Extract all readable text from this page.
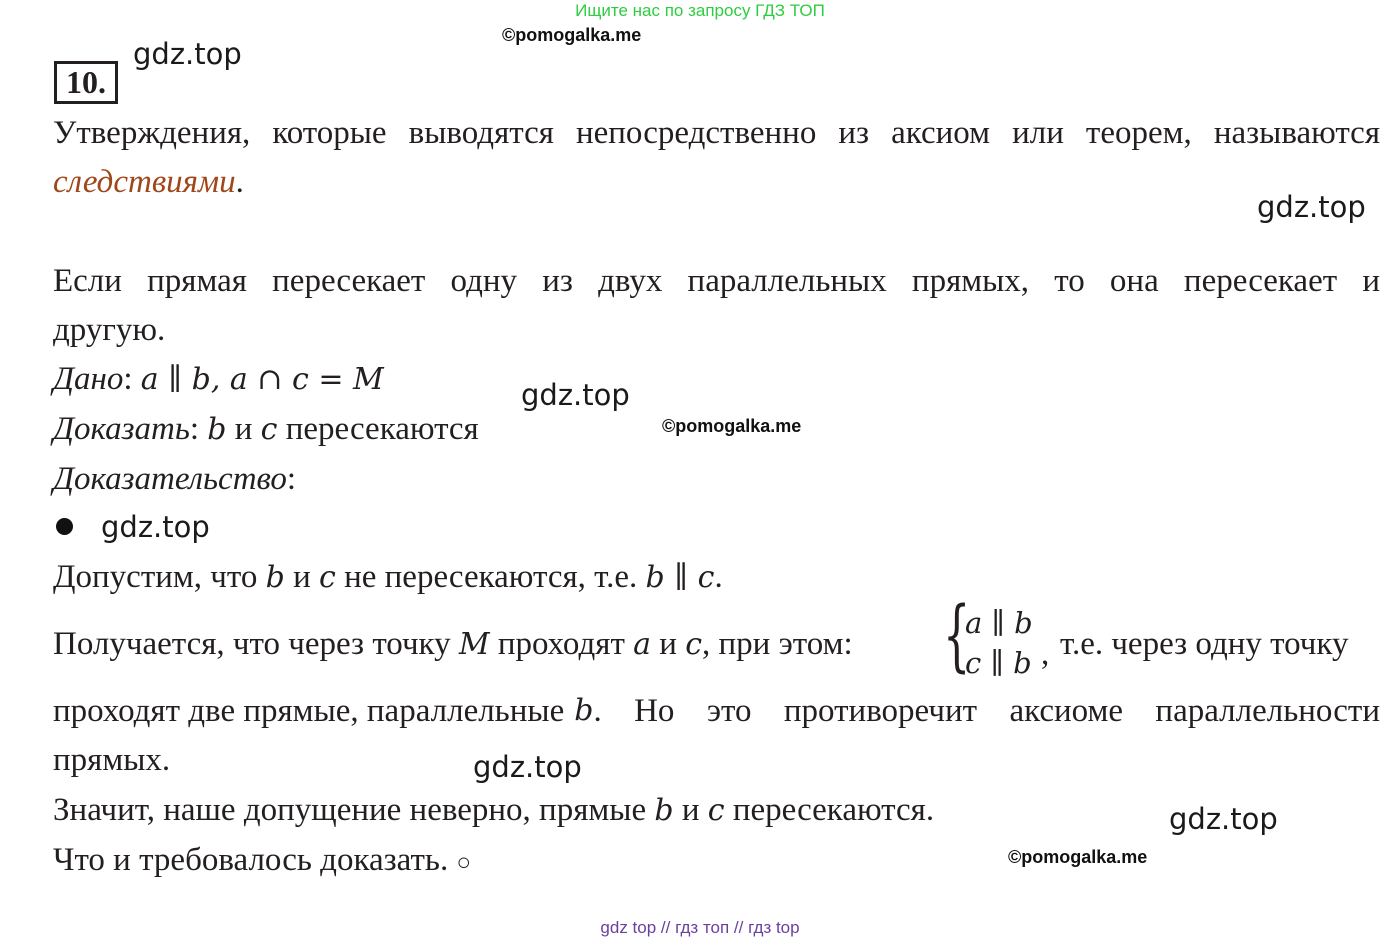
Ищите нас по запросу ГДЗ ТОП
©pomogalka.me
gdz.top
gdz.top
gdz.top
©pomogalka.me
gdz.top
gdz.top
gdz.top
©pomogalka.me
10.
Утверждения, которые выводятся непосредственно из аксиом или теорем, называются
следствиями.
Если прямая пересекает одну из двух параллельных прямых, то она пересекает и
другую.
Дано: a ∥ b, a ∩ c = M
Доказать: b и c пересекаются
Доказательство:
Допустим, что b и c не пересекаются, т.е. b ∥ c.
Получается, что через точку M проходят a и c, при этом: {
a ∥ b
c ∥ b , т.е. через одну точку
проходят две прямые, параллельные b . Но это противоречит аксиоме параллельности
прямых.
Значит, наше допущение неверно, прямые b и c пересекаются.
Что и требовалось доказать. ○
gdz top // гдз топ // гдз top
